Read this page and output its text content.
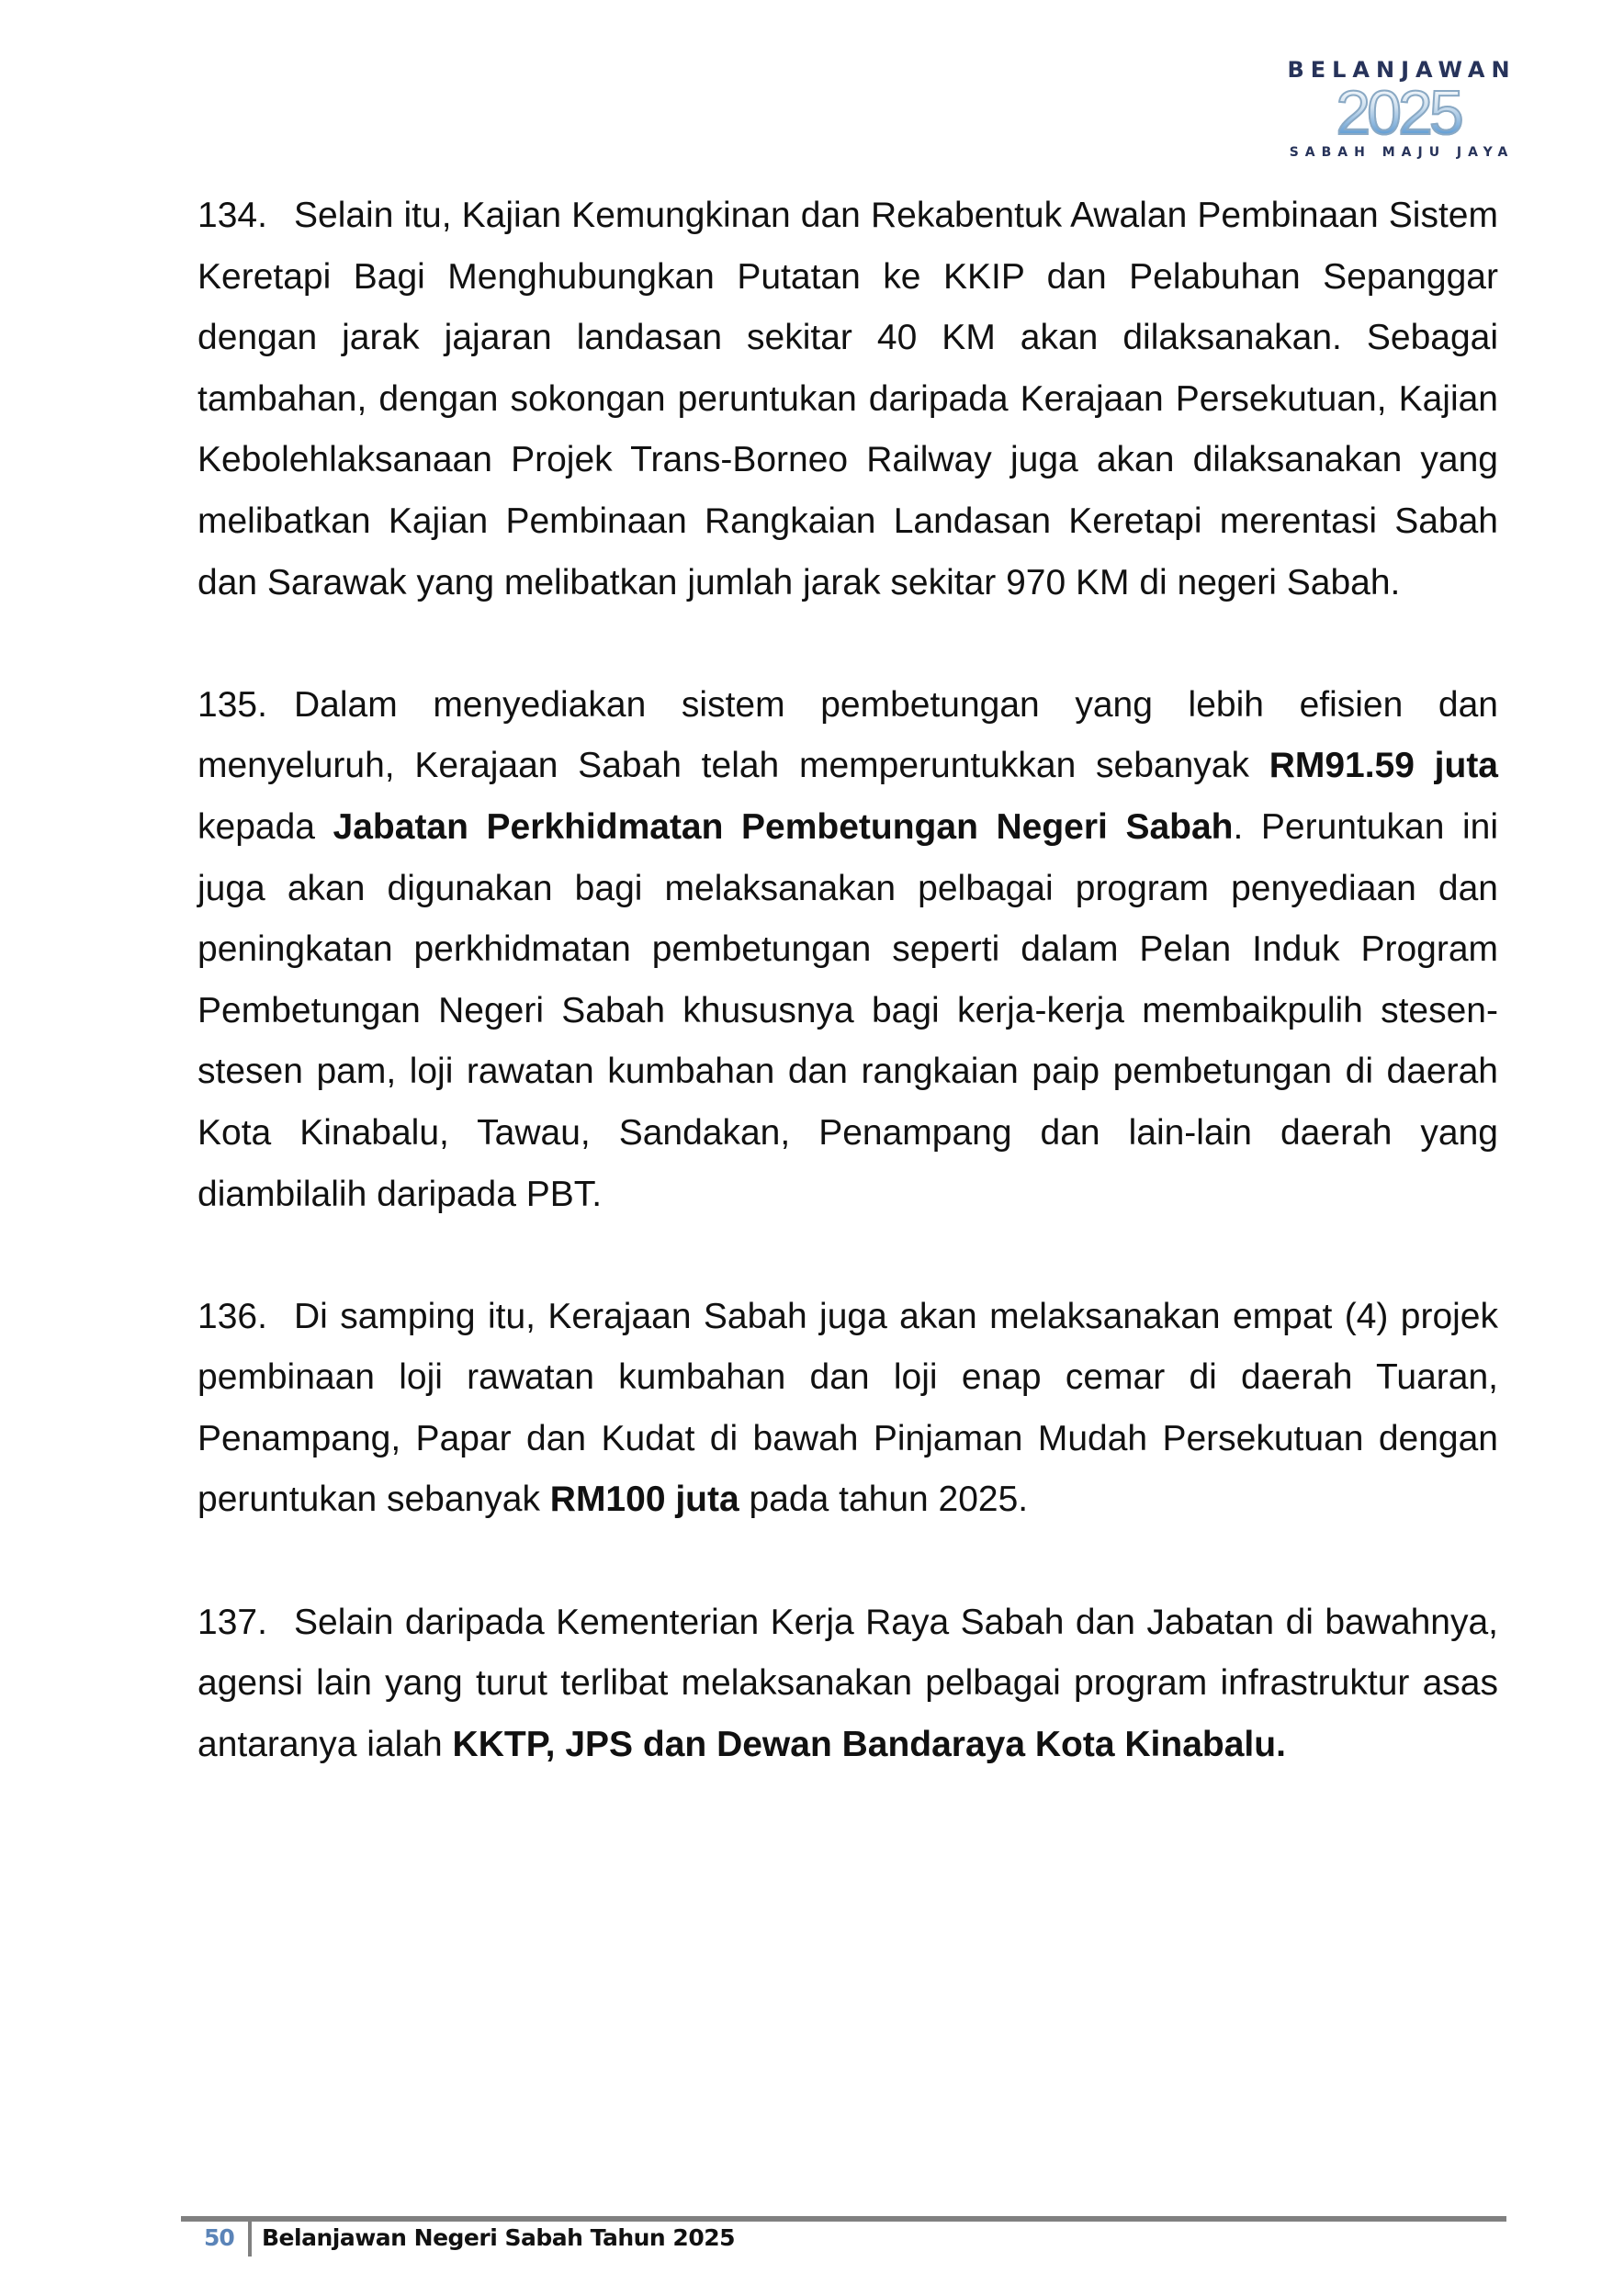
BELANJAWAN
2025
SABAH MAJU JAYA

134. Selain itu, Kajian Kemungkinan dan Rekabentuk Awalan Pembinaan Sistem Keretapi Bagi Menghubungkan Putatan ke KKIP dan Pelabuhan Sepanggar dengan jarak jajaran landasan sekitar 40 KM akan dilaksanakan. Sebagai tambahan, dengan sokongan peruntukan daripada Kerajaan Persekutuan, Kajian Kebolehlaksanaan Projek Trans-Borneo Railway juga akan dilaksanakan yang melibatkan Kajian Pembinaan Rangkaian Landasan Keretapi merentasi Sabah dan Sarawak yang melibatkan jumlah jarak sekitar 970 KM di negeri Sabah.

135. Dalam menyediakan sistem pembetungan yang lebih efisien dan menyeluruh, Kerajaan Sabah telah memperuntukkan sebanyak RM91.59 juta kepada Jabatan Perkhidmatan Pembetungan Negeri Sabah. Peruntukan ini juga akan digunakan bagi melaksanakan pelbagai program penyediaan dan peningkatan perkhidmatan pembetungan seperti dalam Pelan Induk Program Pembetungan Negeri Sabah khususnya bagi kerja-kerja membaikpulih stesen-stesen pam, loji rawatan kumbahan dan rangkaian paip pembetungan di daerah Kota Kinabalu, Tawau, Sandakan, Penampang dan lain-lain daerah yang diambilalih daripada PBT.

136. Di samping itu, Kerajaan Sabah juga akan melaksanakan empat (4) projek pembinaan loji rawatan kumbahan dan loji enap cemar di daerah Tuaran, Penampang, Papar dan Kudat di bawah Pinjaman Mudah Persekutuan dengan peruntukan sebanyak RM100 juta pada tahun 2025.

137. Selain daripada Kementerian Kerja Raya Sabah dan Jabatan di bawahnya, agensi lain yang turut terlibat melaksanakan pelbagai program infrastruktur asas antaranya ialah KKTP, JPS dan Dewan Bandaraya Kota Kinabalu.

50 Belanjawan Negeri Sabah Tahun 2025
